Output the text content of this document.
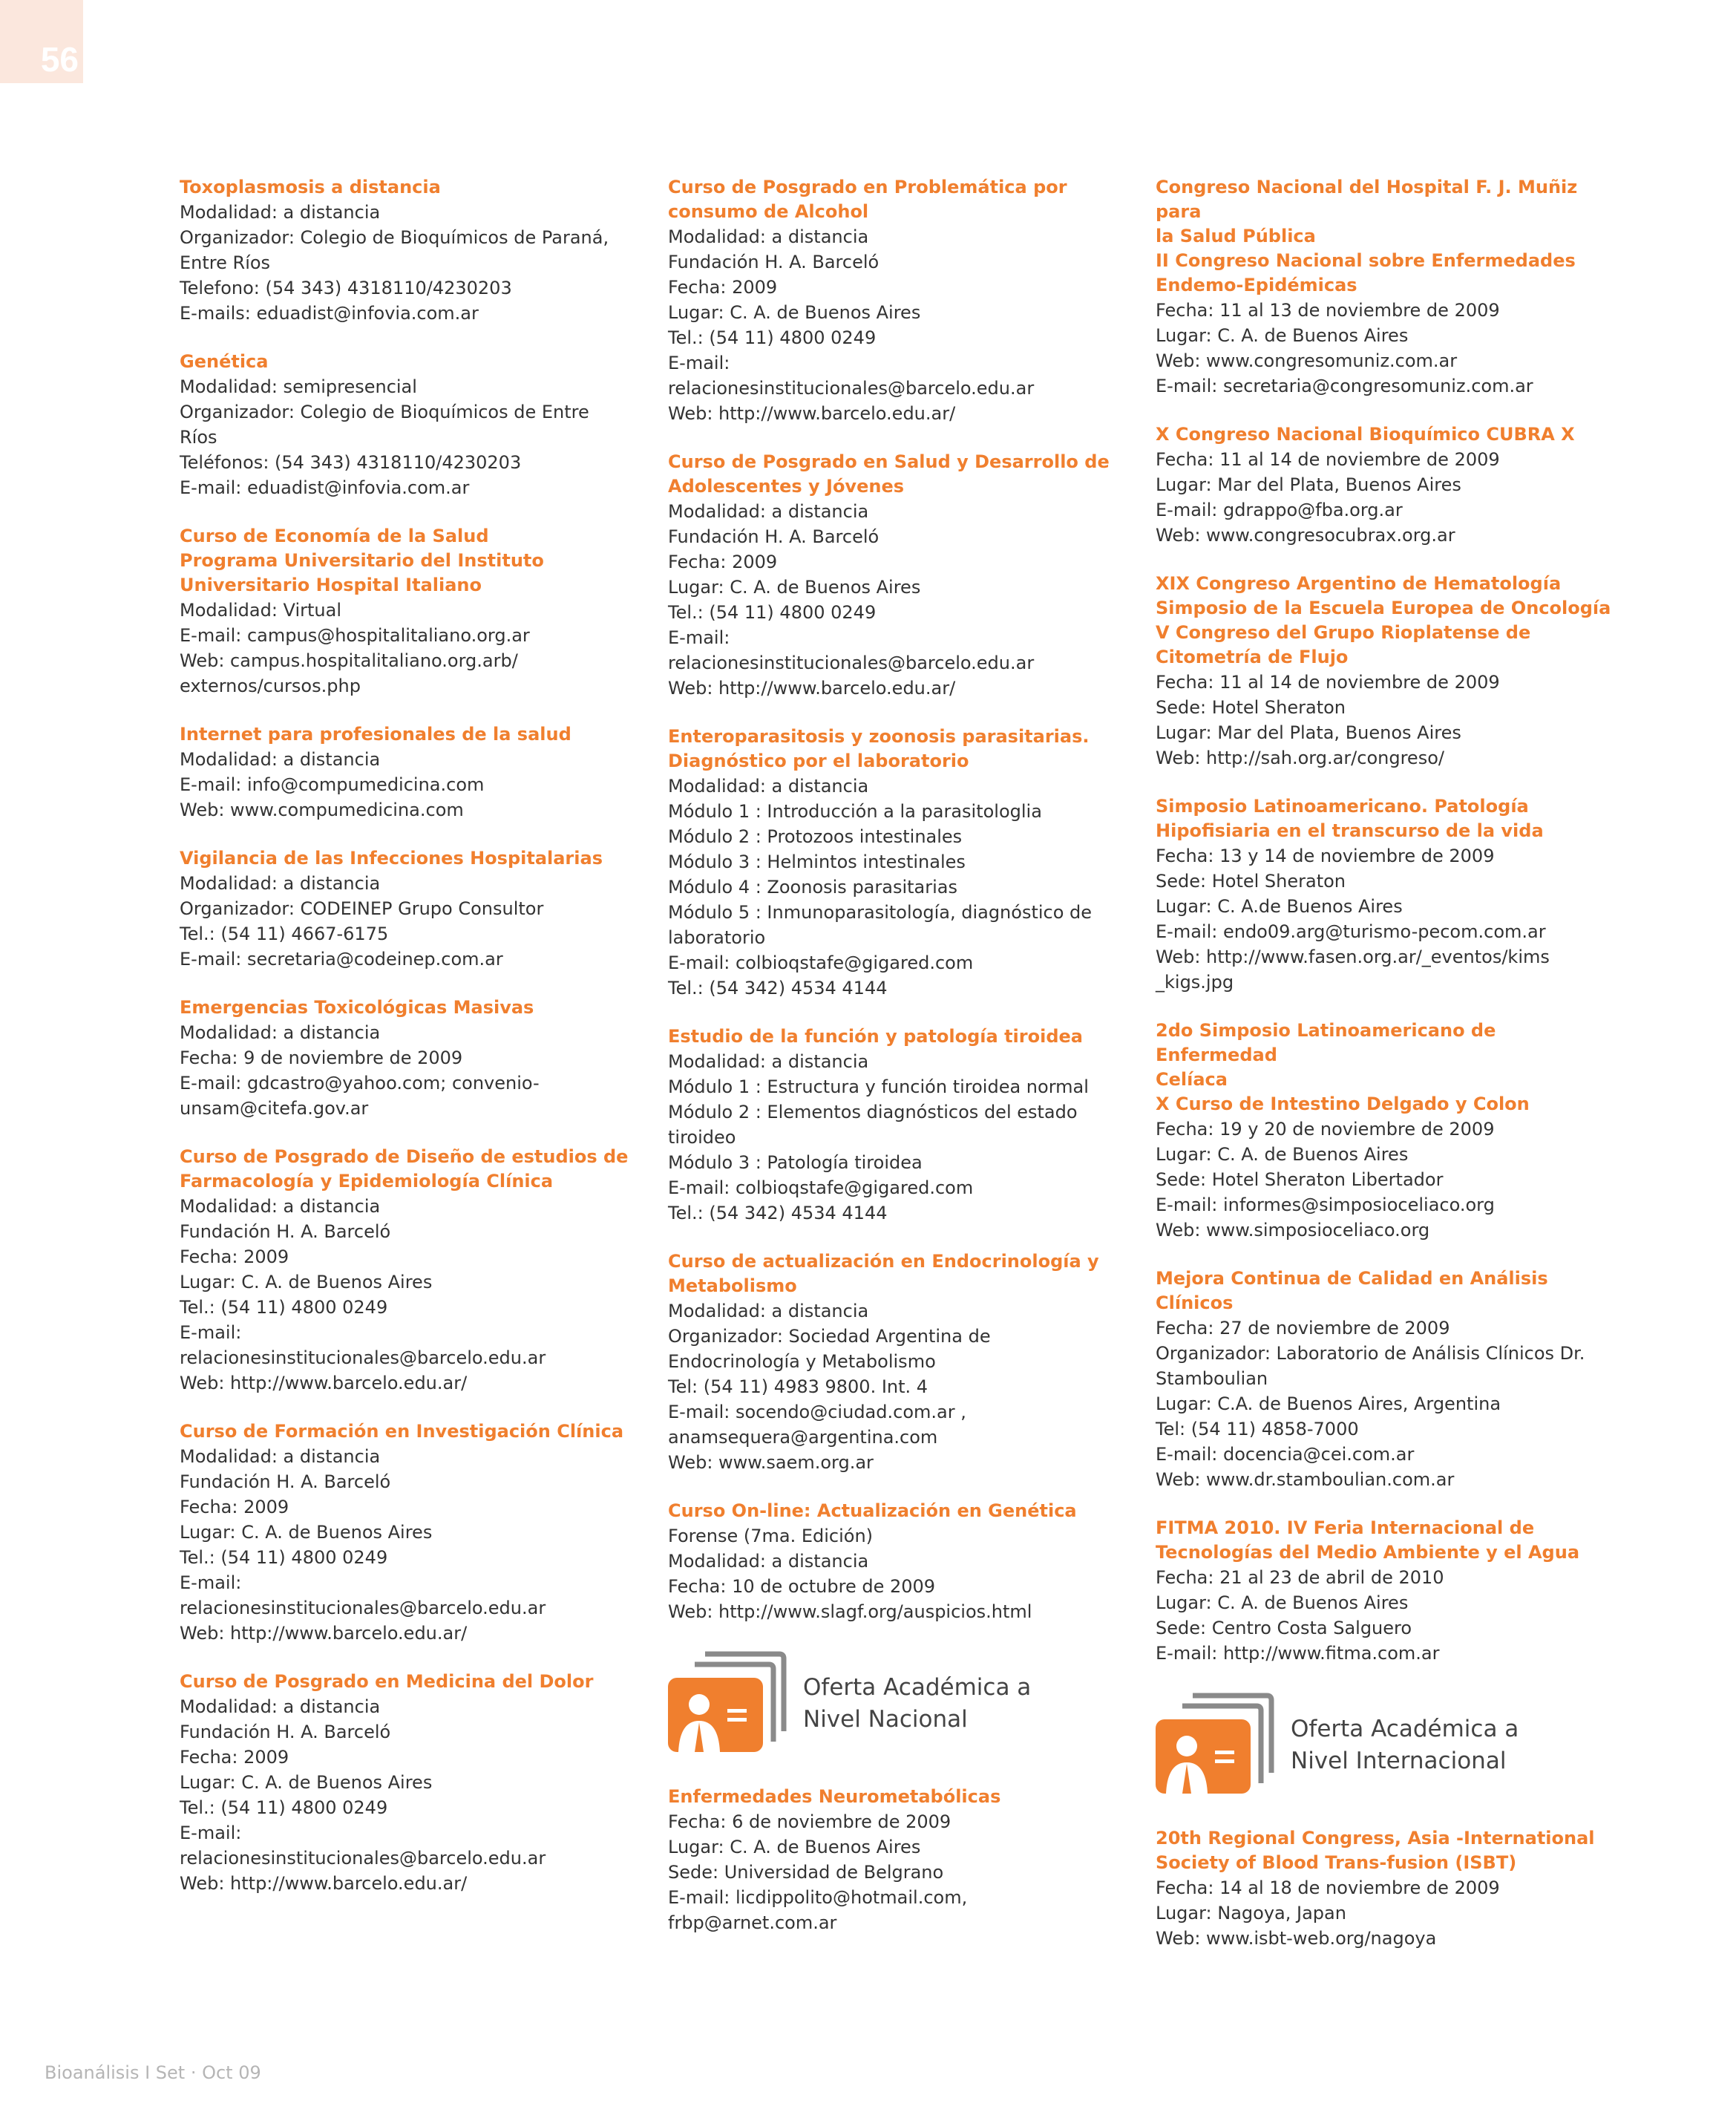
56
Toxoplasmosis a distancia
Modalidad: a distancia
Organizador: Colegio de Bioquímicos de Paraná,
Entre Ríos
Telefono: (54 343) 4318110/4230203
E-mails: eduadist@infovia.com.ar
Genética
Modalidad: semipresencial
Organizador: Colegio de Bioquímicos de Entre
Ríos
Teléfonos: (54 343) 4318110/4230203
E-mail: eduadist@infovia.com.ar
Curso de Economía de la Salud
Programa Universitario del Instituto
Universitario Hospital Italiano
Modalidad: Virtual
E-mail: campus@hospitalitaliano.org.ar
Web: campus.hospitalitaliano.org.arb/
externos/cursos.php
Internet para profesionales de la salud
Modalidad: a distancia
E-mail: info@compumedicina.com
Web: www.compumedicina.com
Vigilancia de las Infecciones Hospitalarias
Modalidad: a distancia
Organizador: CODEINEP Grupo Consultor
Tel.: (54 11) 4667-6175
E-mail: secretaria@codeinep.com.ar
Emergencias Toxicológicas Masivas
Modalidad: a distancia
Fecha: 9 de noviembre de 2009
E-mail: gdcastro@yahoo.com; convenio-
unsam@citefa.gov.ar
Curso de Posgrado de Diseño de estudios de
Farmacología y Epidemiología Clínica
Modalidad: a distancia
Fundación H. A. Barceló
Fecha: 2009
Lugar: C. A. de Buenos Aires
Tel.: (54 11) 4800 0249
E-mail:
relacionesinstitucionales@barcelo.edu.ar
Web: http://www.barcelo.edu.ar/
Curso de Formación en Investigación Clínica
Modalidad: a distancia
Fundación H. A. Barceló
Fecha: 2009
Lugar: C. A. de Buenos Aires
Tel.: (54 11) 4800 0249
E-mail:
relacionesinstitucionales@barcelo.edu.ar
Web: http://www.barcelo.edu.ar/
Curso de Posgrado en Medicina del Dolor
Modalidad: a distancia
Fundación H. A. Barceló
Fecha: 2009
Lugar: C. A. de Buenos Aires
Tel.: (54 11) 4800 0249
E-mail:
relacionesinstitucionales@barcelo.edu.ar
Web: http://www.barcelo.edu.ar/
Curso de Posgrado en Problemática por
consumo de Alcohol
Modalidad: a distancia
Fundación H. A. Barceló
Fecha: 2009
Lugar: C. A. de Buenos Aires
Tel.: (54 11) 4800 0249
E-mail:
relacionesinstitucionales@barcelo.edu.ar
Web: http://www.barcelo.edu.ar/
Curso de Posgrado en Salud y Desarrollo de
Adolescentes y Jóvenes
Modalidad: a distancia
Fundación H. A. Barceló
Fecha: 2009
Lugar: C. A. de Buenos Aires
Tel.: (54 11) 4800 0249
E-mail:
relacionesinstitucionales@barcelo.edu.ar
Web: http://www.barcelo.edu.ar/
Enteroparasitosis y zoonosis parasitarias.
Diagnóstico por el laboratorio
Modalidad: a distancia
Módulo 1 : Introducción a la parasitologlia
Módulo 2 : Protozoos intestinales
Módulo 3 : Helmintos intestinales
Módulo 4 : Zoonosis parasitarias
Módulo 5 : Inmunoparasitología, diagnóstico de
laboratorio
E-mail: colbioqstafe@gigared.com
Tel.: (54 342) 4534 4144
Estudio de la función y patología tiroidea
Modalidad: a distancia
Módulo 1 : Estructura y función tiroidea normal
Módulo 2 : Elementos diagnósticos del estado
tiroideo
Módulo 3 : Patología tiroidea
E-mail: colbioqstafe@gigared.com
Tel.: (54 342) 4534 4144
Curso de actualización en Endocrinología y
Metabolismo
Modalidad: a distancia
Organizador: Sociedad Argentina de
Endocrinología y Metabolismo
Tel: (54 11) 4983 9800. Int. 4
E-mail: socendo@ciudad.com.ar ,
anamsequera@argentina.com
Web: www.saem.org.ar
Curso On-line: Actualización en Genética
Forense (7ma. Edición)
Modalidad: a distancia
Fecha: 10 de octubre de 2009
Web: http://www.slagf.org/auspicios.html
Oferta Académica a
Nivel Nacional
Enfermedades Neurometabólicas
Fecha: 6 de noviembre de 2009
Lugar: C. A. de Buenos Aires
Sede: Universidad de Belgrano
E-mail: licdippolito@hotmail.com,
frbp@arnet.com.ar
Congreso Nacional del Hospital F. J. Muñiz para
la Salud Pública
II Congreso Nacional sobre Enfermedades
Endemo-Epidémicas
Fecha: 11 al 13 de noviembre de 2009
Lugar: C. A. de Buenos Aires
Web: www.congresomuniz.com.ar
E-mail: secretaria@congresomuniz.com.ar
X Congreso Nacional Bioquímico CUBRA X
Fecha: 11 al 14 de noviembre de 2009
Lugar: Mar del Plata, Buenos Aires
E-mail: gdrappo@fba.org.ar
Web: www.congresocubrax.org.ar
XIX Congreso Argentino de Hematología
Simposio de la Escuela Europea de Oncología
V Congreso del Grupo Rioplatense de
Citometría de Flujo
Fecha: 11 al 14 de noviembre de 2009
Sede: Hotel Sheraton
Lugar: Mar del Plata, Buenos Aires
Web: http://sah.org.ar/congreso/
Simposio Latinoamericano. Patología
Hipofisiaria en el transcurso de la vida
Fecha: 13 y 14 de noviembre de 2009
Sede: Hotel Sheraton
Lugar: C. A.de Buenos Aires
E-mail: endo09.arg@turismo-pecom.com.ar
Web: http://www.fasen.org.ar/_eventos/kims
_kigs.jpg
2do Simposio Latinoamericano de Enfermedad
Celíaca
X Curso de Intestino Delgado y Colon
Fecha: 19 y 20 de noviembre de 2009
Lugar: C. A. de Buenos Aires
Sede: Hotel Sheraton Libertador
E-mail: informes@simposioceliaco.org
Web: www.simposioceliaco.org
Mejora Continua de Calidad en Análisis Clínicos
Fecha: 27 de noviembre de 2009
Organizador: Laboratorio de Análisis Clínicos Dr.
Stamboulian
Lugar: C.A. de Buenos Aires, Argentina
Tel: (54 11) 4858-7000
E-mail: docencia@cei.com.ar
Web: www.dr.stamboulian.com.ar
FITMA 2010. IV Feria Internacional de
Tecnologías del Medio Ambiente y el Agua
Fecha: 21 al 23 de abril de 2010
Lugar: C. A. de Buenos Aires
Sede: Centro Costa Salguero
E-mail: http://www.fitma.com.ar
Oferta Académica a
Nivel Internacional
20th Regional Congress, Asia -International
Society of Blood Trans-fusion (ISBT)
Fecha: 14 al 18 de noviembre de 2009
Lugar: Nagoya, Japan
Web: www.isbt-web.org/nagoya
Bioanálisis I Set · Oct 09
